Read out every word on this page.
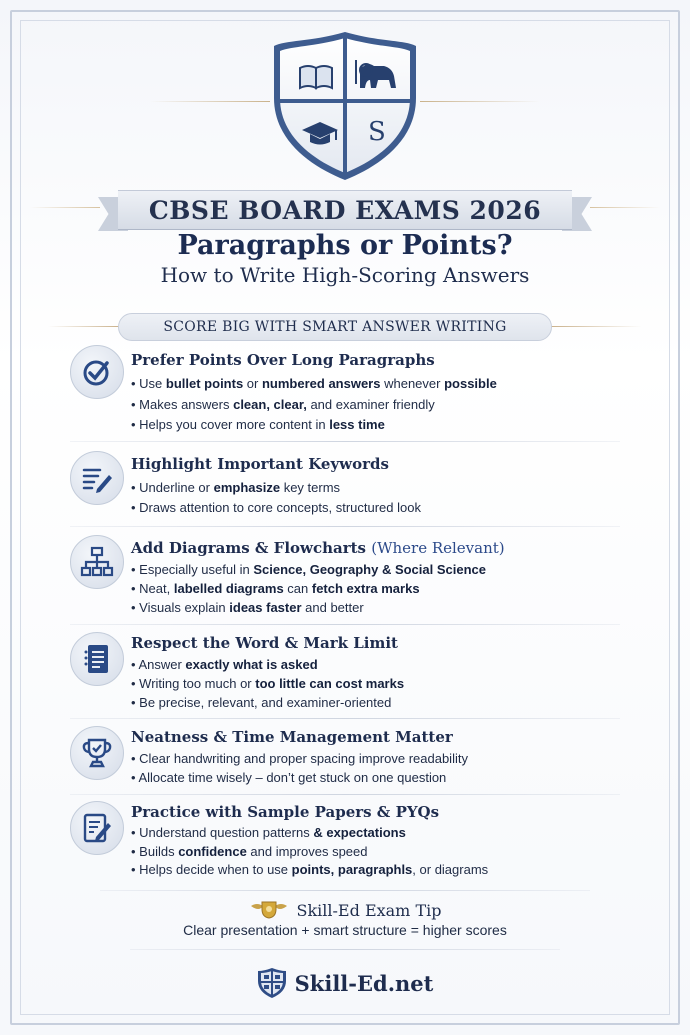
S
CBSE BOARD EXAMS 2026
Paragraphs or Points?
How to Write High-Scoring Answers
SCORE BIG WITH SMART ANSWER WRITING
Prefer Points Over Long Paragraphs
• Use bullet points or numbered answers whenever possible
• Makes answers clean, clear, and examiner friendly
• Helps you cover more content in less time
Highlight Important Keywords
• Underline or emphasize key terms
• Draws attention to core concepts, structured look
Add Diagrams & Flowcharts (Where Relevant)
• Especially useful in Science, Geography & Social Science
• Neat, labelled diagrams can fetch extra marks
• Visuals explain ideas faster and better
Respect the Word & Mark Limit
• Answer exactly what is asked
• Writing too much or too little can cost marks
• Be precise, relevant, and examiner-oriented
Neatness & Time Management Matter
• Clear handwriting and proper spacing improve readability
• Allocate time wisely – don’t get stuck on one question
Practice with Sample Papers & PYQs
• Understand question patterns & expectations
• Builds confidence and improves speed
• Helps decide when to use points, paragraphls, or diagrams
Skill-Ed Exam Tip
Clear presentation + smart structure = higher scores
Skill-Ed.net
